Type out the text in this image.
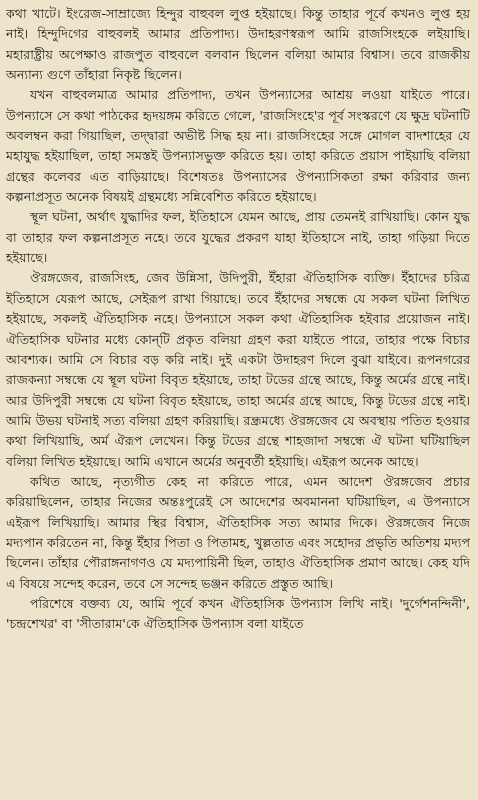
কথা খাটে। ইংরেজ-সাম্রাজ্যে হিন্দুর বাহুবল লুপ্ত হইয়াছে। কিন্তু তাহার পূর্বে কখনও লুপ্ত হয় নাই। হিন্দুদিগের বাহুবলই আমার প্রতিপাদ্য। উদাহরণস্বরূপ আমি রাজসিংহকে লইয়াছি। মহারাষ্ট্রীয় অপেক্ষাও রাজপুত বাহুবলে বলবান ছিলেন বলিয়া আমার বিশ্বাস। তবে রাজকীয় অন্যান্য গুণে তাঁহারা নিকৃষ্ট ছিলেন।

যখন বাহুবলমাত্র আমার প্রতিপাদ্য, তখন উপন্যাসের আশ্রয় লওয়া যাইতে পারে। উপন্যাসে সে কথা পাঠকের হৃদয়ঙ্গম করিতে গেলে, 'রাজসিংহে'র পূর্ব সংস্করণে যে ক্ষুদ্র ঘটনাটি অবলম্বন করা গিয়াছিল, তদ্দ্বারা অভীষ্ট সিদ্ধ হয় না। রাজসিংহের সঙ্গে মোগল বাদশাহের যে মহাযুদ্ধ হইয়াছিল, তাহা সমস্তই উপন্যাসভুক্ত করিতে হয়। তাহা করিতে প্রয়াস পাইয়াছি বলিয়া গ্রন্থের কলেবর এত বাড়িয়াছে। বিশেষতঃ উপন্যাসের ঔপন্যাসিকতা রক্ষা করিবার জন্য কল্পনাপ্রসূত অনেক বিষয়ই গ্রন্থমধ্যে সন্নিবেশিত করিতে হইয়াছে।

স্থূল ঘটনা, অর্থাৎ যুদ্ধাদির ফল, ইতিহাসে যেমন আছে, প্রায় তেমনই রাখিয়াছি। কোন যুদ্ধ বা তাহার ফল কল্পনাপ্রসূত নহে। তবে যুদ্ধের প্রকরণ যাহা ইতিহাসে নাই, তাহা গড়িয়া দিতে হইয়াছে।

ঔরঙ্গজেব, রাজসিংহ, জেব উন্নিসা, উদিপুরী, ইঁহারা ঐতিহাসিক ব্যক্তি। ইঁহাদের চরিত্র ইতিহাসে যেরূপ আছে, সেইরূপ রাখা গিয়াছে। তবে ইঁহাদের সম্বন্ধে যে সকল ঘটনা লিখিত হইয়াছে, সকলই ঐতিহাসিক নহে। উপন্যাসে সকল কথা ঐতিহাসিক হইবার প্রয়োজন নাই। ঐতিহাসিক ঘটনার মধ্যে কোন্‌টি প্রকৃত বলিয়া গ্রহণ করা যাইতে পারে, তাহার পক্ষে বিচার আবশ্যক। আমি সে বিচার বড় করি নাই। দুই একটা উদাহরণ দিলে বুঝা যাইবে। রূপনগরের রাজকন্যা সম্বন্ধে যে স্থূল ঘটনা বিবৃত হইয়াছে, তাহা টডের গ্রন্থে আছে, কিন্তু অর্মের গ্রন্থে নাই। আর উদিপুরী সম্বন্ধে যে ঘটনা বিবৃত হইয়াছে, তাহা অর্মের গ্রন্থে আছে, কিন্তু টডের গ্রন্থে নাই। আমি উভয় ঘটনাই সত্য বলিয়া গ্রহণ করিয়াছি। রন্ধ্রমধ্যে ঔরঙ্গজেব যে অবস্থায় পতিত হওয়ার কথা লিখিয়াছি, অর্ম ঐরূপ লেখেন। কিন্তু টডের গ্রন্থে শাহজাদা সম্বন্ধে ঐ ঘটনা ঘটিয়াছিল বলিয়া লিখিত হইয়াছে। আমি এখানে অর্মের অনুবর্তী হইয়াছি। এইরূপ অনেক আছে।

কথিত আছে, নৃত্যগীত কেহ না করিতে পারে, এমন আদেশ ঔরঙ্গজেব প্রচার করিয়াছিলেন, তাহার নিজের অন্তঃপুরেই সে আদেশের অবমাননা ঘটিয়াছিল, এ উপন্যাসে এইরূপ লিখিয়াছি। আমার স্থির বিশ্বাস, ঐতিহাসিক সত্য আমার দিকে। ঔরঙ্গজেব নিজে মদ্যপান করিতেন না, কিন্তু ইঁহার পিতা ও পিতামহ, খুল্লতাত এবং সহোদর প্রভৃতি অতিশয় মদ্যপ ছিলেন। তাঁহার পৌরাঙ্গনাগণও যে মদ্যপায়িনী ছিল, তাহাও ঐতিহাসিক প্রমাণ আছে। কেহ যদি এ বিষয়ে সন্দেহ করেন, তবে সে সন্দেহ ভঞ্জন করিতে প্রস্তুত আছি।

পরিশেষে বক্তব্য যে, আমি পূর্বে কখন ঐতিহাসিক উপন্যাস লিখি নাই। 'দুর্গেশনন্দিনী', 'চন্দ্রশেখর' বা 'সীতারাম'কে ঐতিহাসিক উপন্যাস বলা যাইতে
